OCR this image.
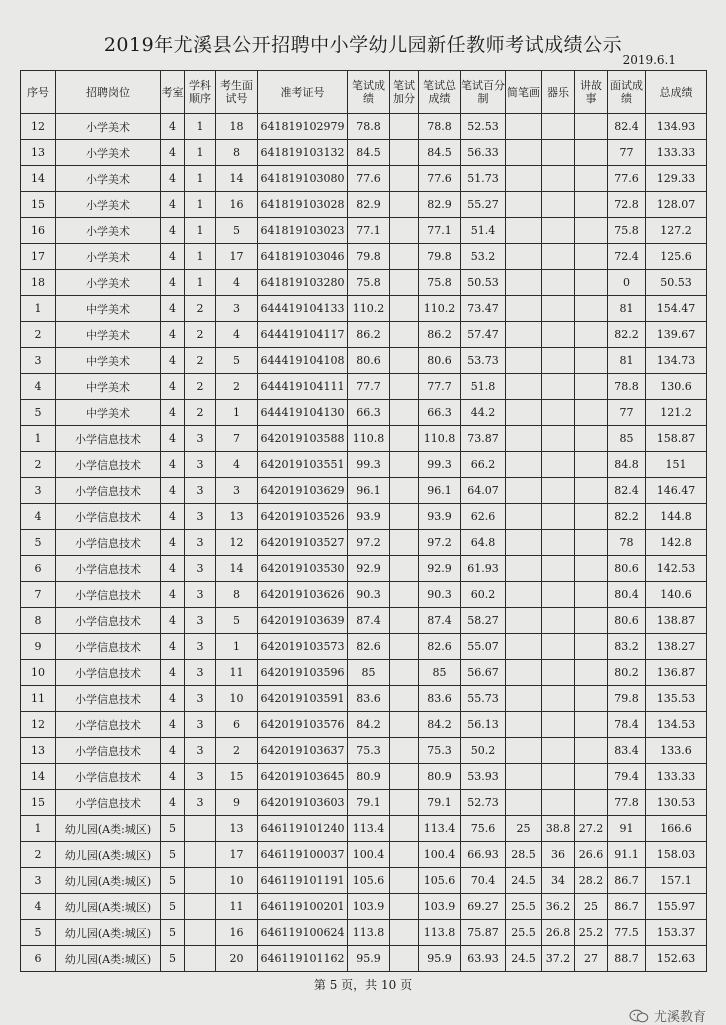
2019年尤溪县公开招聘中小学幼儿园新任教师考试成绩公示
2019.6.1
序号	招聘岗位	考室	学科顺序	考生面试号	准考证号	笔试成绩	笔试加分	笔试总成绩	笔试百分制	简笔画	器乐	讲故事	面试成绩	总成绩
12	小学美术	4	1	18	641819102979	78.8		78.8	52.53				82.4	134.93
13	小学美术	4	1	8	641819103132	84.5		84.5	56.33				77	133.33
14	小学美术	4	1	14	641819103080	77.6		77.6	51.73				77.6	129.33
15	小学美术	4	1	16	641819103028	82.9		82.9	55.27				72.8	128.07
16	小学美术	4	1	5	641819103023	77.1		77.1	51.4				75.8	127.2
17	小学美术	4	1	17	641819103046	79.8		79.8	53.2				72.4	125.6
18	小学美术	4	1	4	641819103280	75.8		75.8	50.53				0	50.53
1	中学美术	4	2	3	644419104133	110.2		110.2	73.47				81	154.47
2	中学美术	4	2	4	644419104117	86.2		86.2	57.47				82.2	139.67
3	中学美术	4	2	5	644419104108	80.6		80.6	53.73				81	134.73
4	中学美术	4	2	2	644419104111	77.7		77.7	51.8				78.8	130.6
5	中学美术	4	2	1	644419104130	66.3		66.3	44.2				77	121.2
1	小学信息技术	4	3	7	642019103588	110.8		110.8	73.87				85	158.87
2	小学信息技术	4	3	4	642019103551	99.3		99.3	66.2				84.8	151
3	小学信息技术	4	3	3	642019103629	96.1		96.1	64.07				82.4	146.47
4	小学信息技术	4	3	13	642019103526	93.9		93.9	62.6				82.2	144.8
5	小学信息技术	4	3	12	642019103527	97.2		97.2	64.8				78	142.8
6	小学信息技术	4	3	14	642019103530	92.9		92.9	61.93				80.6	142.53
7	小学信息技术	4	3	8	642019103626	90.3		90.3	60.2				80.4	140.6
8	小学信息技术	4	3	5	642019103639	87.4		87.4	58.27				80.6	138.87
9	小学信息技术	4	3	1	642019103573	82.6		82.6	55.07				83.2	138.27
10	小学信息技术	4	3	11	642019103596	85		85	56.67				80.2	136.87
11	小学信息技术	4	3	10	642019103591	83.6		83.6	55.73				79.8	135.53
12	小学信息技术	4	3	6	642019103576	84.2		84.2	56.13				78.4	134.53
13	小学信息技术	4	3	2	642019103637	75.3		75.3	50.2				83.4	133.6
14	小学信息技术	4	3	15	642019103645	80.9		80.9	53.93				79.4	133.33
15	小学信息技术	4	3	9	642019103603	79.1		79.1	52.73				77.8	130.53
1	幼儿园(A类:城区)	5		13	646119101240	113.4		113.4	75.6	25	38.8	27.2	91	166.6
2	幼儿园(A类:城区)	5		17	646119100037	100.4		100.4	66.93	28.5	36	26.6	91.1	158.03
3	幼儿园(A类:城区)	5		10	646119101191	105.6		105.6	70.4	24.5	34	28.2	86.7	157.1
4	幼儿园(A类:城区)	5		11	646119100201	103.9		103.9	69.27	25.5	36.2	25	86.7	155.97
5	幼儿园(A类:城区)	5		16	646119100624	113.8		113.8	75.87	25.5	26.8	25.2	77.5	153.37
6	幼儿园(A类:城区)	5		20	646119101162	95.9		95.9	63.93	24.5	37.2	27	88.7	152.63
第 5 页，共 10 页
尤溪教育
